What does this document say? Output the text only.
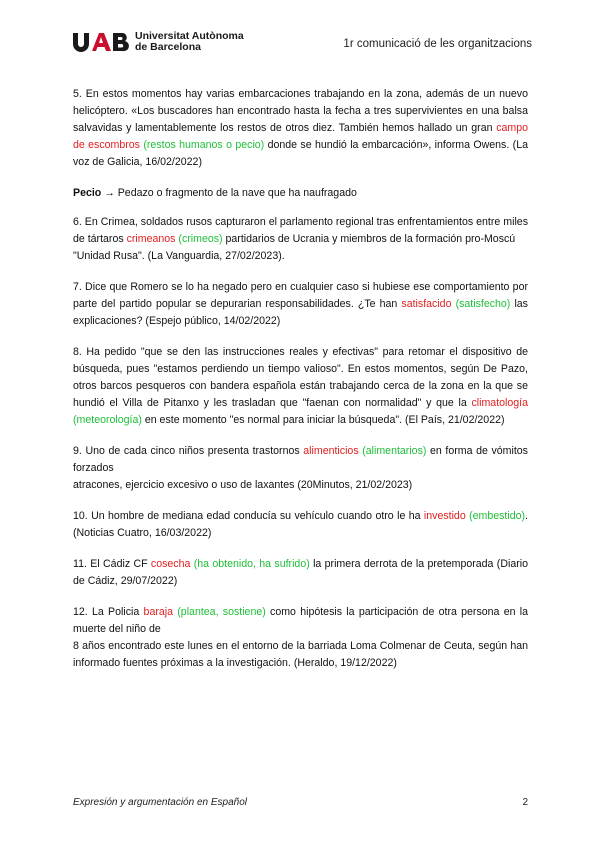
Universitat Autònoma
de Barcelona	1r comunicació de les organitzacions

5. En estos momentos hay varias embarcaciones trabajando en la zona, además de un nuevo helicóptero. «Los buscadores han encontrado hasta la fecha a tres supervivientes en una balsa salvavidas y lamentablemente los restos de otros diez. También hemos hallado un gran campo de escombros (restos humanos o pecio) donde se hundió la embarcación», informa Owens. (La voz de Galicia, 16/02/2022)

Pecio → Pedazo o fragmento de la nave que ha naufragado

6. En Crimea, soldados rusos capturaron el parlamento regional tras enfrentamientos entre miles de tártaros crimeanos (crimeos) partidarios de Ucrania y miembros de la formación pro-Moscú

"Unidad Rusa". (La Vanguardia, 27/02/2023).

7. Dice que Romero se lo ha negado pero en cualquier caso si hubiese ese comportamiento por parte del partido popular se depurarian responsabilidades. ¿Te han satisfacido (satisfecho) las explicaciones? (Espejo público, 14/02/2022)

8. Ha pedido "que se den las instrucciones reales y efectivas" para retomar el dispositivo de búsqueda, pues "estamos perdiendo un tiempo valioso". En estos momentos, según De Pazo, otros barcos pesqueros con bandera española están trabajando cerca de la zona en la que se hundió el Villa de Pitanxo y les trasladan que "faenan con normalidad" y que la climatología (meteorología) en este momento "es normal para iniciar la búsqueda". (El País, 21/02/2022)

9. Uno de cada cinco niños presenta trastornos alimenticios (alimentarios) en forma de vómitos forzados

atracones, ejercicio excesivo o uso de laxantes (20Minutos, 21/02/2023)

10. Un hombre de mediana edad conducía su vehículo cuando otro le ha investido (embestido). (Noticias Cuatro, 16/03/2022)

11. El Cádiz CF cosecha (ha obtenido, ha sufrido) la primera derrota de la pretemporada (Diario de Cádiz, 29/07/2022)

12. La Policia baraja (plantea, sostiene) como hipótesis la participación de otra persona en la muerte del niño de

8 años encontrado este lunes en el entorno de la barriada Loma Colmenar de Ceuta, según han informado fuentes próximas a la investigación. (Heraldo, 19/12/2022)

Expresión y argumentación en Español	2
